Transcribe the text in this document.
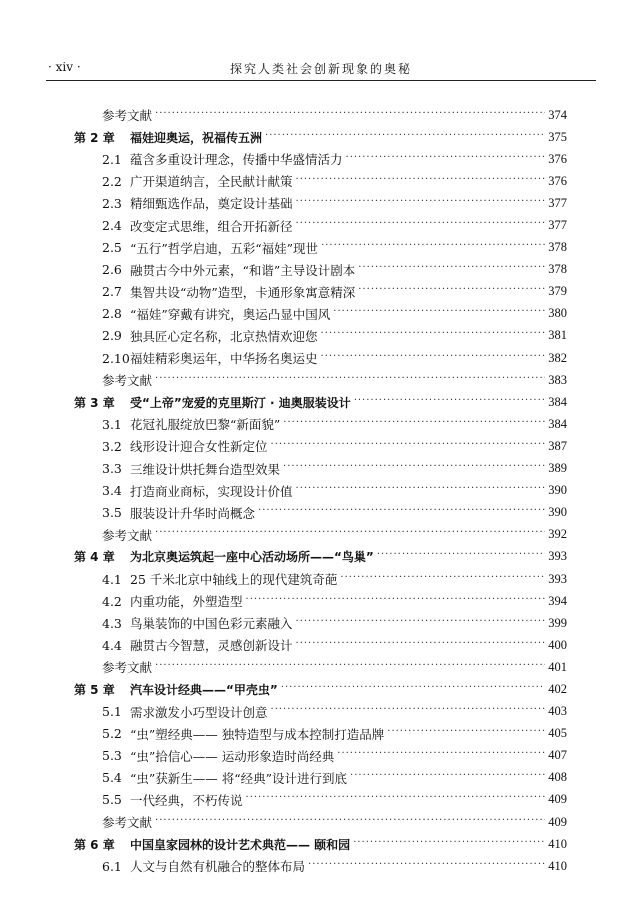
· xiv ·	探究人类社会创新现象的奥秘
参考文献 ·····	374
第 2 章	福娃迎奥运，祝福传五洲 ·····	375
2.1 蕴含多重设计理念，传播中华盛情活力 ·····	376
2.2 广开渠道纳言，全民献计献策 ·····	376
2.3 精细甄选作品，奠定设计基础 ·····	377
2.4 改变定式思维，组合开拓新径 ·····	377
2.5 “五行”哲学启迪，五彩“福娃”现世 ·····	378
2.6 融贯古今中外元素，“和谐”主导设计剧本 ·····	378
2.7 集智共设“动物”造型，卡通形象寓意精深 ·····	379
2.8 “福娃”穿戴有讲究，奥运凸显中国风 ·····	380
2.9 独具匠心定名称，北京热情欢迎您 ·····	381
2.10 福娃精彩奥运年，中华扬名奥运史 ·····	382
参考文献 ·····	383
第 3 章	受“上帝”宠爱的克里斯汀 · 迪奥服装设计 ·····	384
3.1 花冠礼服绽放巴黎“新面貌” ·····	384
3.2 线形设计迎合女性新定位 ·····	387
3.3 三维设计烘托舞台造型效果 ·····	389
3.4 打造商业商标，实现设计价值 ·····	390
3.5 服装设计升华时尚概念 ·····	390
参考文献 ·····	392
第 4 章	为北京奥运筑起一座中心活动场所——“鸟巢” ·····	393
4.1 25 千米北京中轴线上的现代建筑奇葩 ·····	393
4.2 内重功能，外塑造型 ·····	394
4.3 鸟巢装饰的中国色彩元素融入 ·····	399
4.4 融贯古今智慧，灵感创新设计 ·····	400
参考文献 ·····	401
第 5 章	汽车设计经典——“甲壳虫” ·····	402
5.1 需求激发小巧型设计创意 ·····	403
5.2 “虫”塑经典—— 独特造型与成本控制打造品牌 ·····	405
5.3 “虫”拾信心—— 运动形象造时尚经典 ·····	407
5.4 “虫”获新生—— 将“经典”设计进行到底 ·····	408
5.5 一代经典，不朽传说 ·····	409
参考文献 ·····	409
第 6 章	中国皇家园林的设计艺术典范—— 颐和园 ·····	410
6.1 人文与自然有机融合的整体布局 ·····	410
